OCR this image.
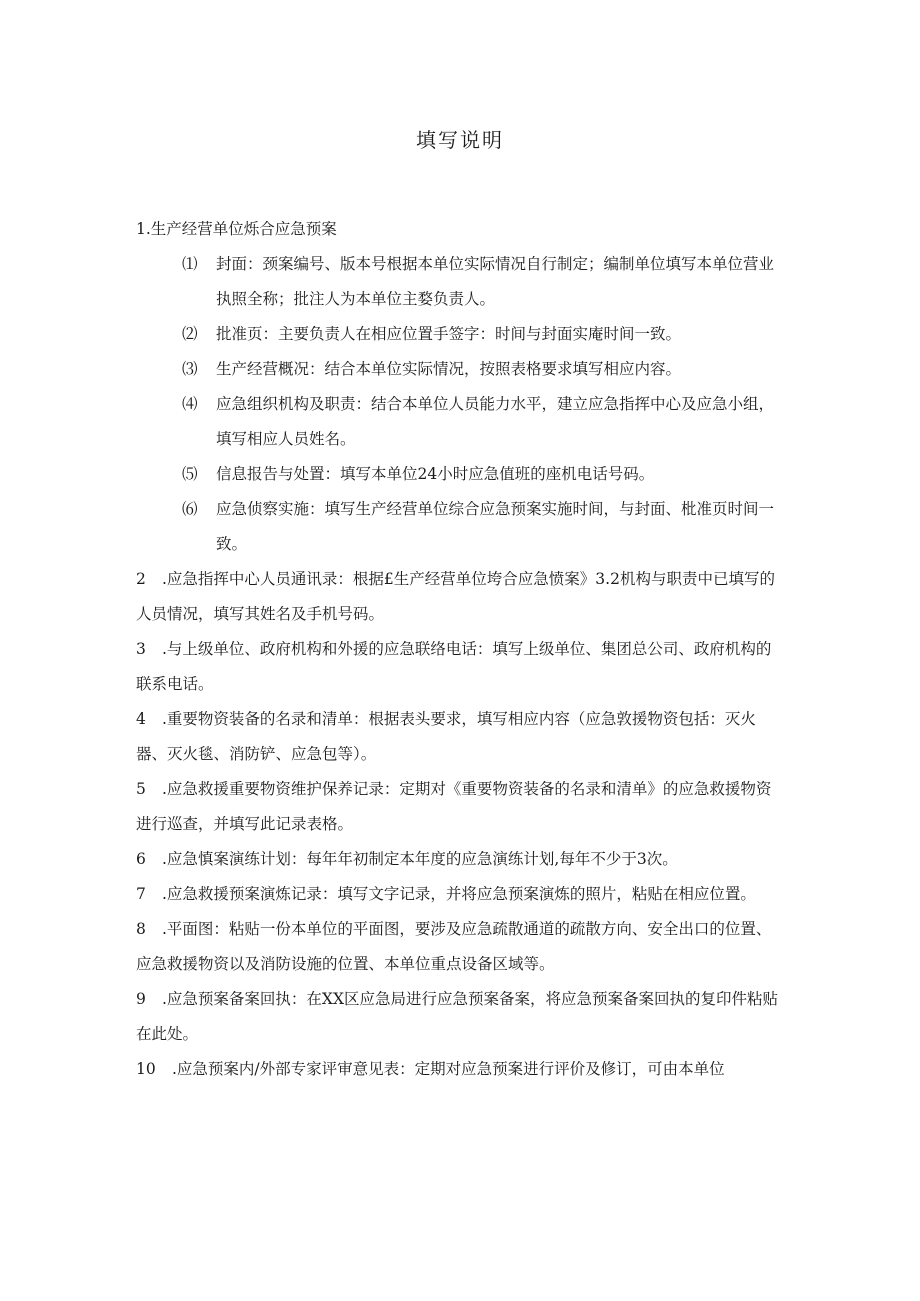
填写说明

1.生产经营单位烁合应急预案

⑴ 封面：颈案编号、版本号根据本单位实际情况自行制定；编制单位填写本单位营业执照全称；批注人为本单位主婺负责人。

⑵ 批准页：主要负责人在相应位置手签字：时间与封面实庵时间一致。

⑶ 生产经营概况：结合本单位实际情况，按照表格要求填写相应内容。

⑷ 应急组织机构及职责：结合本单位人员能力水平，建立应急指挥中心及应急小组，填写相应人员姓名。

⑸ 信息报告与处置：填写本单位24小时应急值班的座机电话号码。

⑹ 应急侦察实施：填写生产经营单位综合应急预案实施时间，与封面、枇准页时间一致。

2 .应急指挥中心人员通讯录：根据£生产经营单位垮合应急愤案》3.2机构与职责中已填写的人员情况，填写其姓名及手机号码。

3 .与上级单位、政府机构和外援的应急联络电话：填写上级单位、集团总公司、政府机构的联系电话。

4 .重要物资装备的名录和清单：根据表头要求，填写相应内容（应急敦援物资包括：灭火器、灭火毯、消防铲、应急包等）。

5 .应急救援重要物资维护保养记录：定期对《重要物资装备的名录和清单》的应急救援物资进行巡查，并填写此记录表格。

6 .应急慎案演练计划：每年年初制定本年度的应急演练计划,每年不少于3次。

7 .应急救援预案演炼记录：填写文字记录，并将应急预案演炼的照片，粘贴在相应位置。

8 .平面图：粘贴一份本单位的平面图，要涉及应急疏散通道的疏散方向、安全出口的位置、应急救援物资以及消防设施的位置、本单位重点设备区域等。

9 .应急预案备案回执：在XX区应急局进行应急预案备案，将应急预案备案回执的复印件粘贴在此处。

10 .应急预案内/外部专家评审意见表：定期对应急预案进行评价及修订，可由本单位
